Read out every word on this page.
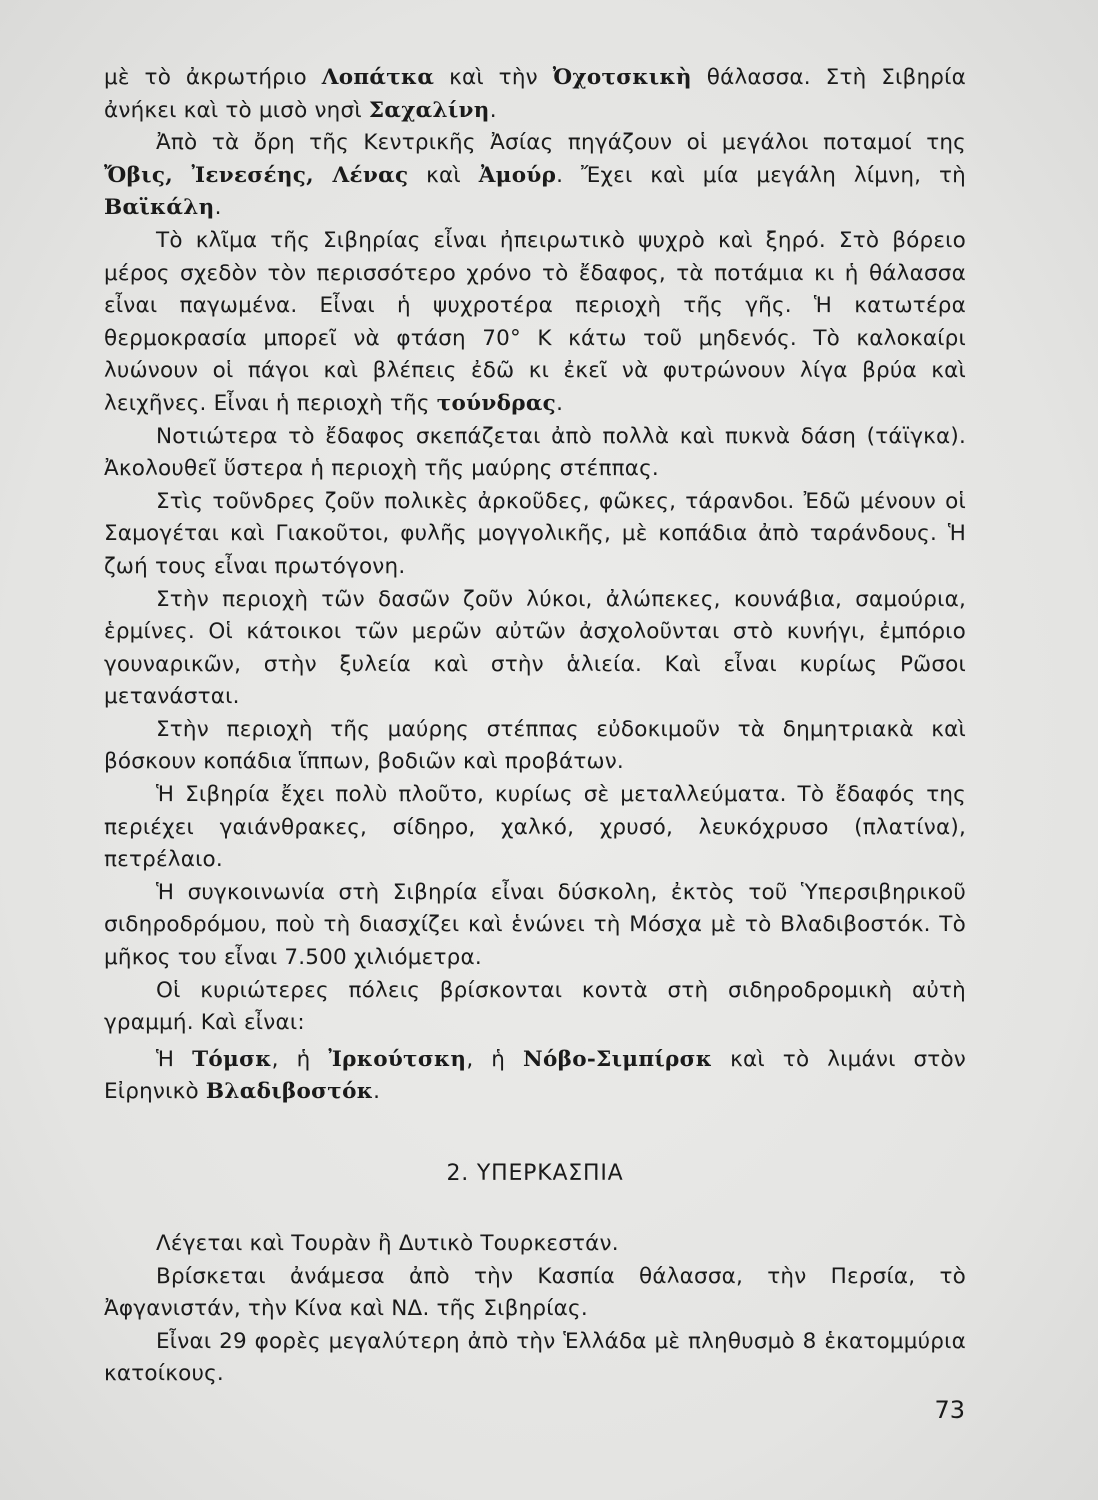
μὲ τὸ ἀκρωτήριο Λοπάτκα καὶ τὴν Ὀχοτσκικὴ θάλασσα. Στὴ Σιβηρία ἀνήκει καὶ τὸ μισὸ νησὶ Σαχαλίνη.

Ἀπὸ τὰ ὄρη τῆς Κεντρικῆς Ἀσίας πηγάζουν οἱ μεγάλοι ποταμοί της Ὄβις, Ἰενεσέης, Λένας καὶ Ἀμούρ. Ἔχει καὶ μία μεγάλη λίμνη, τὴ Βαϊκάλη.

Τὸ κλῖμα τῆς Σιβηρίας εἶναι ἠπειρωτικὸ ψυχρὸ καὶ ξηρό. Στὸ βόρειο μέρος σχεδὸν τὸν περισσότερο χρόνο τὸ ἔδαφος, τὰ ποτάμια κι ἡ θάλασσα εἶναι παγωμένα. Εἶναι ἡ ψυχροτέρα περιοχὴ τῆς γῆς. Ἡ κατωτέρα θερμοκρασία μπορεῖ νὰ φτάση 70° Κ κάτω τοῦ μηδενός. Τὸ καλοκαίρι λυώνουν οἱ πάγοι καὶ βλέπεις ἐδῶ κι ἐκεῖ νὰ φυτρώνουν λίγα βρύα καὶ λειχῆνες. Εἶναι ἡ περιοχὴ τῆς τούνδρας.

Νοτιώτερα τὸ ἔδαφος σκεπάζεται ἀπὸ πολλὰ καὶ πυκνὰ δάση (τάϊγκα). Ἀκολουθεῖ ὕστερα ἡ περιοχὴ τῆς μαύρης στέππας.

Στὶς τοῦνδρες ζοῦν πολικὲς ἀρκοῦδες, φῶκες, τάρανδοι. Ἐδῶ μένουν οἱ Σαμογέται καὶ Γιακοῦτοι, φυλῆς μογγολικῆς, μὲ κοπάδια ἀπὸ ταράνδους. Ἡ ζωή τους εἶναι πρωτόγονη.

Στὴν περιοχὴ τῶν δασῶν ζοῦν λύκοι, ἀλώπεκες, κουνάβια, σαμούρια, ἑρμίνες. Οἱ κάτοικοι τῶν μερῶν αὐτῶν ἀσχολοῦνται στὸ κυνήγι, ἐμπόριο γουναρικῶν, στὴν ξυλεία καὶ στὴν ἁλιεία. Καὶ εἶναι κυρίως Ρῶσοι μετανάσται.

Στὴν περιοχὴ τῆς μαύρης στέππας εὐδοκιμοῦν τὰ δημητριακὰ καὶ βόσκουν κοπάδια ἵππων, βοδιῶν καὶ προβάτων.

Ἡ Σιβηρία ἔχει πολὺ πλοῦτο, κυρίως σὲ μεταλλεύματα. Τὸ ἔδαφός της περιέχει γαιάνθρακες, σίδηρο, χαλκό, χρυσό, λευκόχρυσο (πλατίνα), πετρέλαιο.

Ἡ συγκοινωνία στὴ Σιβηρία εἶναι δύσκολη, ἐκτὸς τοῦ Ὑπερσιβηρικοῦ σιδηροδρόμου, ποὺ τὴ διασχίζει καὶ ἑνώνει τὴ Μόσχα μὲ τὸ Βλαδιβοστόκ. Τὸ μῆκος του εἶναι 7.500 χιλιόμετρα.

Οἱ κυριώτερες πόλεις βρίσκονται κοντὰ στὴ σιδηροδρομικὴ αὐτὴ γραμμή. Καὶ εἶναι:

Ἡ Τόμσκ, ἡ Ἰρκούτσκη, ἡ Νόβο-Σιμπίρσκ καὶ τὸ λιμάνι στὸν Εἰρηνικὸ Βλαδιβοστόκ.

2. ΥΠΕΡΚΑΣΠΙΑ

Λέγεται καὶ Τουρὰν ἢ Δυτικὸ Τουρκεστάν.

Βρίσκεται ἀνάμεσα ἀπὸ τὴν Κασπία θάλασσα, τὴν Περσία, τὸ Ἀφγανιστάν, τὴν Κίνα καὶ ΝΔ. τῆς Σιβηρίας.

Εἶναι 29 φορὲς μεγαλύτερη ἀπὸ τὴν Ἑλλάδα μὲ πληθυσμὸ 8 ἑκατομμύρια κατοίκους.

73
